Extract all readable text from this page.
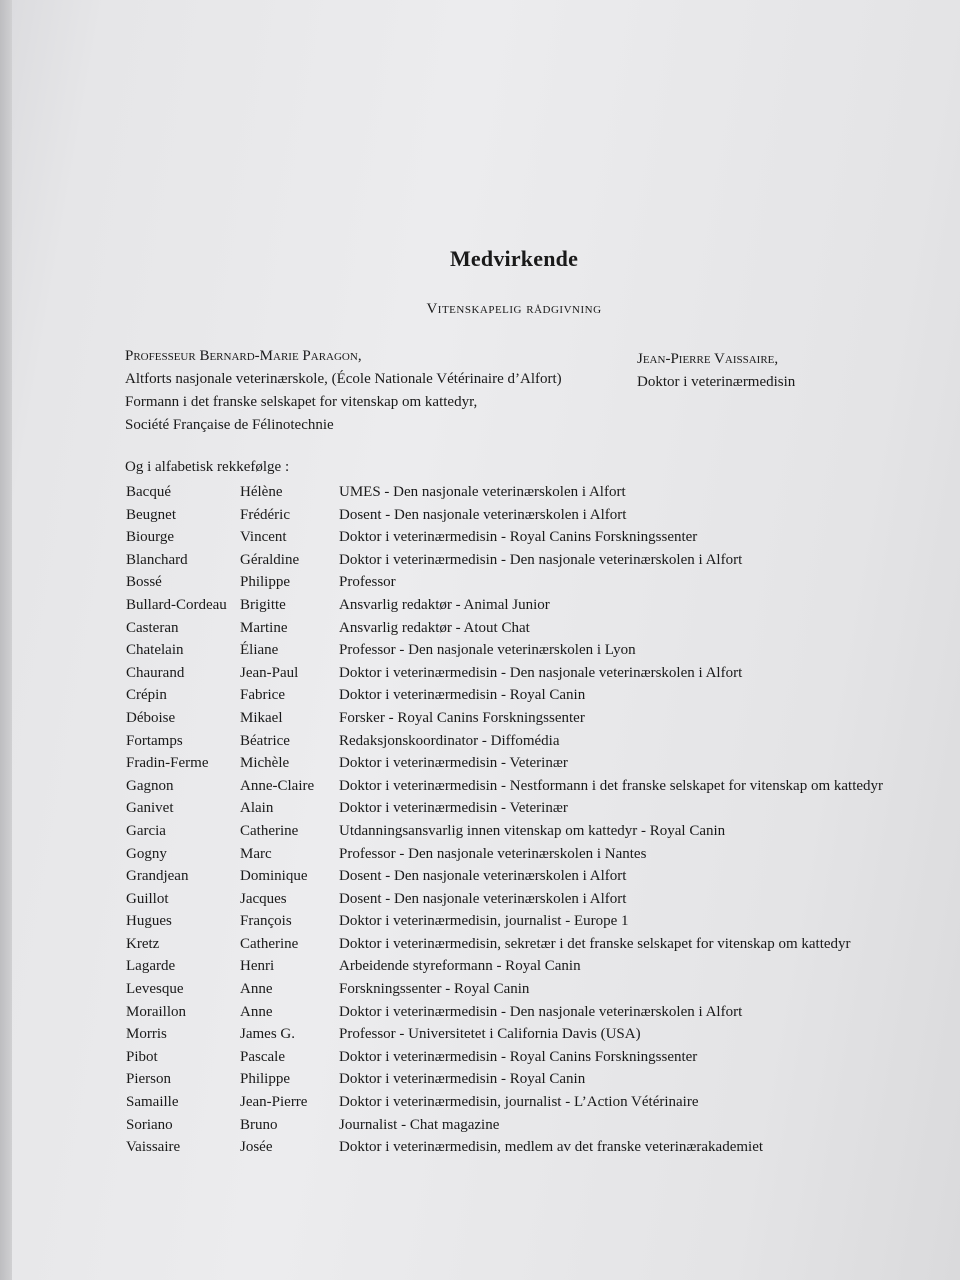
Medvirkende
Vitenskapelig rådgivning
Professeur Bernard-Marie Paragon,
Altforts nasjonale veterinærskole, (École Nationale Vétérinaire d’Alfort)
Formann i det franske selskapet for vitenskap om kattedyr,
Société Française de Félinotechnie
Jean-Pierre Vaissaire,
Doktor i veterinærmedisin
Og i alfabetisk rekkefølge :
Bacqué	Hélène	UMES - Den nasjonale veterinærskolen i Alfort
Beugnet	Frédéric	Dosent - Den nasjonale veterinærskolen i Alfort
Biourge	Vincent	Doktor i veterinærmedisin - Royal Canins Forskningssenter
Blanchard	Géraldine	Doktor i veterinærmedisin - Den nasjonale veterinærskolen i Alfort
Bossé	Philippe	Professor
Bullard-Cordeau Brigitte	Ansvarlig redaktør - Animal Junior
Casteran	Martine	Ansvarlig redaktør - Atout Chat
Chatelain	Éliane	Professor - Den nasjonale veterinærskolen i Lyon
Chaurand	Jean-Paul	Doktor i veterinærmedisin - Den nasjonale veterinærskolen i Alfort
Crépin	Fabrice	Doktor i veterinærmedisin - Royal Canin
Déboise	Mikael	Forsker - Royal Canins Forskningssenter
Fortamps	Béatrice	Redaksjonskoordinator - Diffomédia
Fradin-Ferme Michèle	Doktor i veterinærmedisin - Veterinær
Gagnon	Anne-Claire Doktor i veterinærmedisin - Nestformann i det franske selskapet for vitenskap om kattedyr
Ganivet	Alain	Doktor i veterinærmedisin - Veterinær
Garcia	Catherine	Utdanningsansvarlig innen vitenskap om kattedyr - Royal Canin
Gogny	Marc	Professor - Den nasjonale veterinærskolen i Nantes
Grandjean	Dominique Dosent - Den nasjonale veterinærskolen i Alfort
Guillot	Jacques	Dosent - Den nasjonale veterinærskolen i Alfort
Hugues	François	Doktor i veterinærmedisin, journalist - Europe 1
Kretz	Catherine	Doktor i veterinærmedisin, sekretær i det franske selskapet for vitenskap om kattedyr
Lagarde	Henri	Arbeidende styreformann - Royal Canin
Levesque	Anne	Forskningssenter - Royal Canin
Moraillon	Anne	Doktor i veterinærmedisin - Den nasjonale veterinærskolen i Alfort
Morris	James G.	Professor - Universitetet i California Davis (USA)
Pibot	Pascale	Doktor i veterinærmedisin - Royal Canins Forskningssenter
Pierson	Philippe	Doktor i veterinærmedisin - Royal Canin
Samaille	Jean-Pierre Doktor i veterinærmedisin, journalist - L’Action Vétérinaire
Soriano	Bruno	Journalist - Chat magazine
Vaissaire	Josée	Doktor i veterinærmedisin, medlem av det franske veterinærakademiet
